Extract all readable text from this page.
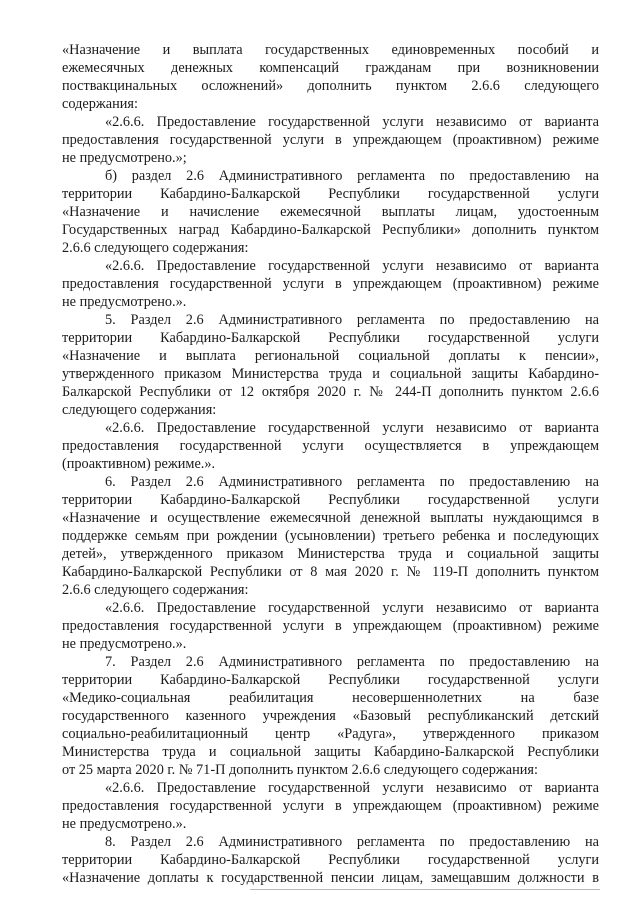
«Назначение и выплата государственных единовременных пособий и
ежемесячных денежных компенсаций гражданам при возникновении
поствакцинальных осложнений» дополнить пунктом 2.6.6 следующего
содержания:
«2.6.6. Предоставление государственной услуги независимо от варианта
предоставления государственной услуги в упреждающем (проактивном) режиме
не предусмотрено.»;
б) раздел 2.6 Административного регламента по предоставлению на
территории Кабардино-Балкарской Республики государственной услуги
«Назначение и начисление ежемесячной выплаты лицам, удостоенным
Государственных наград Кабардино-Балкарской Республики» дополнить пунктом
2.6.6 следующего содержания:
«2.6.6. Предоставление государственной услуги независимо от варианта
предоставления государственной услуги в упреждающем (проактивном) режиме
не предусмотрено.».
5. Раздел 2.6 Административного регламента по предоставлению на
территории Кабардино-Балкарской Республики государственной услуги
«Назначение и выплата региональной социальной доплаты к пенсии»,
утвержденного приказом Министерства труда и социальной защиты Кабардино-
Балкарской Республики от 12 октября 2020 г. № 244-П дополнить пунктом 2.6.6
следующего содержания:
«2.6.6. Предоставление государственной услуги независимо от варианта
предоставления государственной услуги осуществляется в упреждающем
(проактивном) режиме.».
6. Раздел 2.6 Административного регламента по предоставлению на
территории Кабардино-Балкарской Республики государственной услуги
«Назначение и осуществление ежемесячной денежной выплаты нуждающимся в
поддержке семьям при рождении (усыновлении) третьего ребенка и последующих
детей», утвержденного приказом Министерства труда и социальной защиты
Кабардино-Балкарской Республики от 8 мая 2020 г. № 119-П дополнить пунктом
2.6.6 следующего содержания:
«2.6.6. Предоставление государственной услуги независимо от варианта
предоставления государственной услуги в упреждающем (проактивном) режиме
не предусмотрено.».
7. Раздел 2.6 Административного регламента по предоставлению на
территории Кабардино-Балкарской Республики государственной услуги
«Медико-социальная реабилитация несовершеннолетних на базе
государственного казенного учреждения «Базовый республиканский детский
социально-реабилитационный центр «Радуга», утвержденного приказом
Министерства труда и социальной защиты Кабардино-Балкарской Республики
от 25 марта 2020 г. № 71-П дополнить пунктом 2.6.6 следующего содержания:
«2.6.6. Предоставление государственной услуги независимо от варианта
предоставления государственной услуги в упреждающем (проактивном) режиме
не предусмотрено.».
8. Раздел 2.6 Административного регламента по предоставлению на
территории Кабардино-Балкарской Республики государственной услуги
«Назначение доплаты к государственной пенсии лицам, замещавшим должности в
